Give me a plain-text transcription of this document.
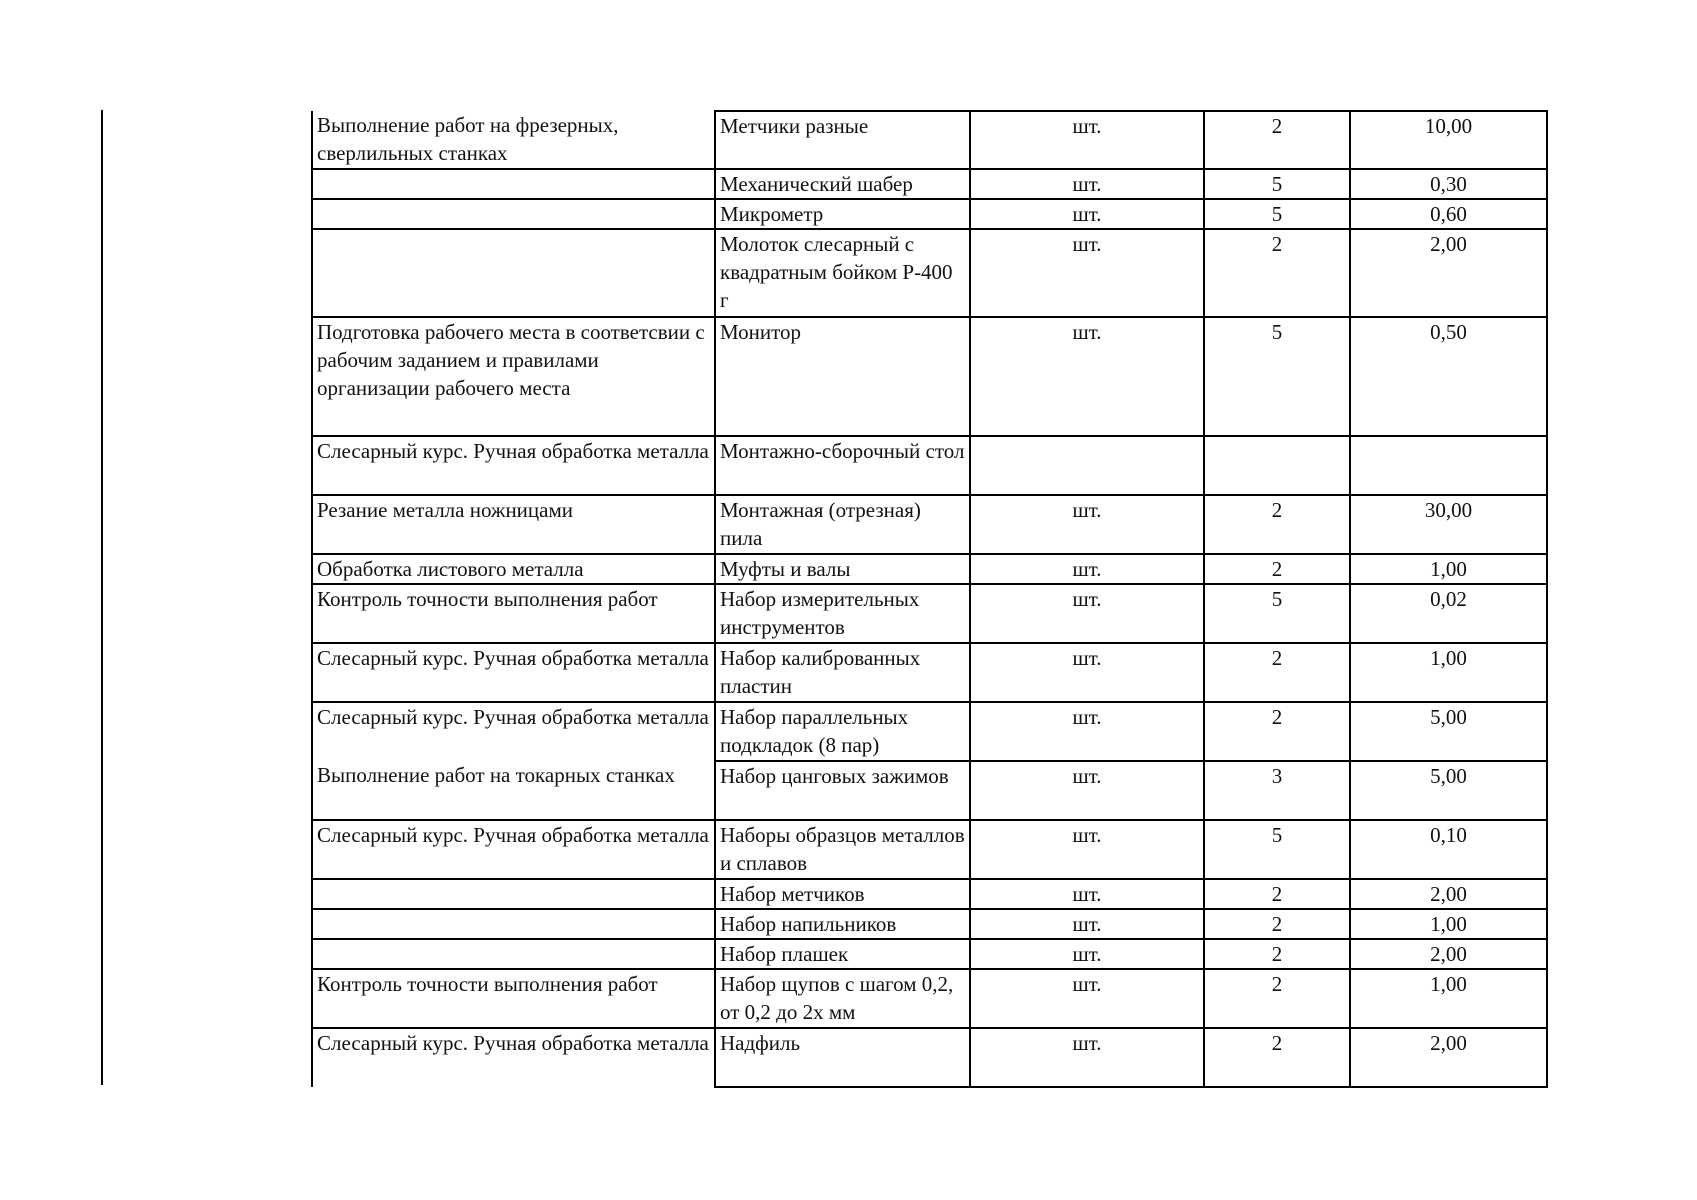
Выполнение работ на фрезерных, сверлильных станках	Метчики разные	шт.	2	10,00
	Механический шабер	шт.	5	0,30
	Микрометр	шт.	5	0,60
	Молоток слесарный с квадратным бойком Р-400 г	шт.	2	2,00
Подготовка рабочего места в соответсвии с рабочим заданием и правилами организации рабочего места	Монитор	шт.	5	0,50
Слесарный курс. Ручная обработка металла	Монтажно-сборочный стол			
Резание металла ножницами	Монтажная (отрезная) пила	шт.	2	30,00
Обработка листового металла	Муфты и валы	шт.	2	1,00
Контроль точности выполнения работ	Набор измерительных инструментов	шт.	5	0,02
Слесарный курс. Ручная обработка металла	Набор калиброванных пластин	шт.	2	1,00
Слесарный курс. Ручная обработка металла	Набор параллельных подкладок (8 пар)	шт.	2	5,00
Выполнение работ на токарных станках	Набор цанговых зажимов	шт.	3	5,00
Слесарный курс. Ручная обработка металла	Наборы образцов металлов и сплавов	шт.	5	0,10
	Набор метчиков	шт.	2	2,00
	Набор напильников	шт.	2	1,00
	Набор плашек	шт.	2	2,00
Контроль точности выполнения работ	Набор щупов с шагом 0,2, от 0,2 до 2х мм	шт.	2	1,00
Слесарный курс. Ручная обработка металла	Надфиль	шт.	2	2,00
